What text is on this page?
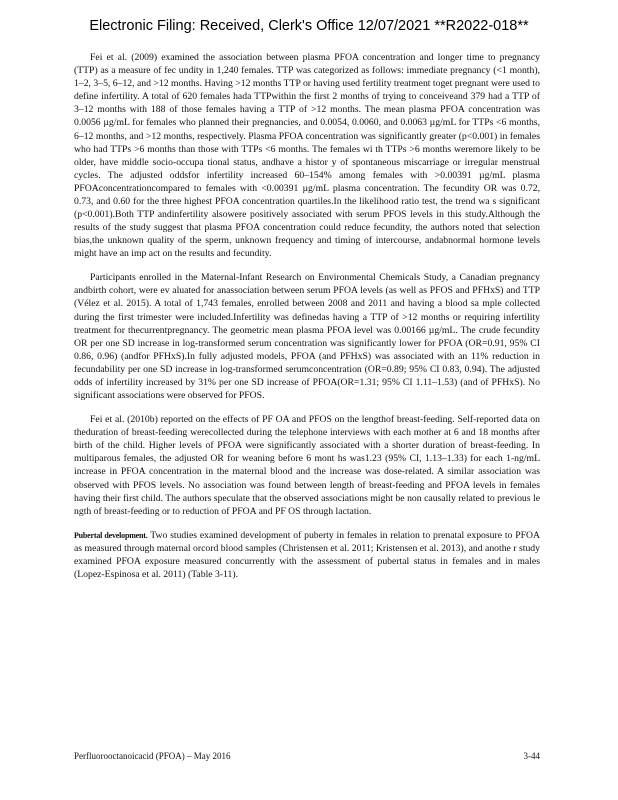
Electronic Filing: Received, Clerk's Office 12/07/2021 **R2022-018**

Fei et al. (2009) examined the association between plasma PFOA concentration and longer time to pregnancy (TTP) as a measure of fec undity in 1,240 females. TTP was categorized as follows: immediate pregnancy (<1 month), 1–2, 3–5, 6–12, and >12 months. Having >12 months TTP or having used fertility treatment toget pregnant were used to define infertility. A total of 620 females hada TTPwithin the first 2 months of trying to conceiveand 379 had a TTP of 3–12 months with 188 of those females having a TTP of >12 months. The mean plasma PFOA concentration was 0.0056 µg/mL for females who planned their pregnancies, and 0.0054, 0.0060, and 0.0063 µg/mL for TTPs <6 months, 6–12 months, and >12 months, respectively. Plasma PFOA concentration was significantly greater (p<0.001) in females who had TTPs >6 months than those with TTPs <6 months. The females wi th TTPs >6 months weremore likely to be older, have middle socio-occupa tional status, andhave a histor y of spontaneous miscarriage or irregular menstrual cycles. The adjusted oddsfor infertility increased 60–154% among females with >0.00391 µg/mL plasma PFOAconcentrationcompared to females with <0.00391 µg/mL plasma concentration. The fecundity OR was 0.72, 0.73, and 0.60 for the three highest PFOA concentration quartiles.In the likelihood ratio test, the trend wa s significant (p<0.001).Both TTP andinfertility alsowere positively associated with serum PFOS levels in this study.Although the results of the study suggest that plasma PFOA concentration could reduce fecundity, the authors noted that selection bias,the unknown quality of the sperm, unknown frequency and timing of intercourse, andabnormal hormone levels might have an imp act on the results and fecundity.

Participants enrolled in the Maternal-Infant Research on Environmental Chemicals Study, a Canadian pregnancy andbirth cohort, were ev aluated for anassociation between serum PFOA levels (as well as PFOS and PFHxS) and TTP (Vélez et al. 2015). A total of 1,743 females, enrolled between 2008 and 2011 and having a blood sa mple collected during the first trimester were included.Infertility was definedas having a TTP of >12 months or requiring infertility treatment for thecurrentpregnancy. The geometric mean plasma PFOA level was 0.00166 µg/mL. The crude fecundity OR per one SD increase in log-transformed serum concentration was significantly lower for PFOA (OR=0.91, 95% CI 0.86, 0.96) (andfor PFHxS).In fully adjusted models, PFOA (and PFHxS) was associated with an 11% reduction in fecundability per one SD increase in log-transformed serumconcentration (OR=0.89; 95% CI 0.83, 0.94). The adjusted odds of infertility increased by 31% per one SD increase of PFOA(OR=1.31; 95% CI 1.11–1.53) (and of PFHxS). No significant associations were observed for PFOS.

Fei et al. (2010b) reported on the effects of PF OA and PFOS on the lengthof breast-feeding. Self-reported data on theduration of breast-feeding werecollected during the telephone interviews with each mother at 6 and 18 months after birth of the child. Higher levels of PFOA were significantly associated with a shorter duration of breast-feeding. In multiparous females, the adjusted OR for weaning before 6 mont hs was1.23 (95% CI, 1.13–1.33) for each 1-ng/mL increase in PFOA concentration in the maternal blood and the increase was dose-related. A similar association was observed with PFOS levels. No association was found between length of breast-feeding and PFOA levels in females having their first child. The authors speculate that the observed associations might be non causally related to previous le ngth of breast-feeding or to reduction of PFOA and PF OS through lactation.

Pubertal development. Two studies examined development of puberty in females in relation to prenatal exposure to PFOA as measured through maternal orcord blood samples (Christensen et al. 2011; Kristensen et al. 2013), and anothe r study examined PFOA exposure measured concurrently with the assessment of pubertal status in females and in males (Lopez-Espinosa et al. 2011) (Table 3-11).

Perfluorooctanoicacid (PFOA) – May 2016	3-44
